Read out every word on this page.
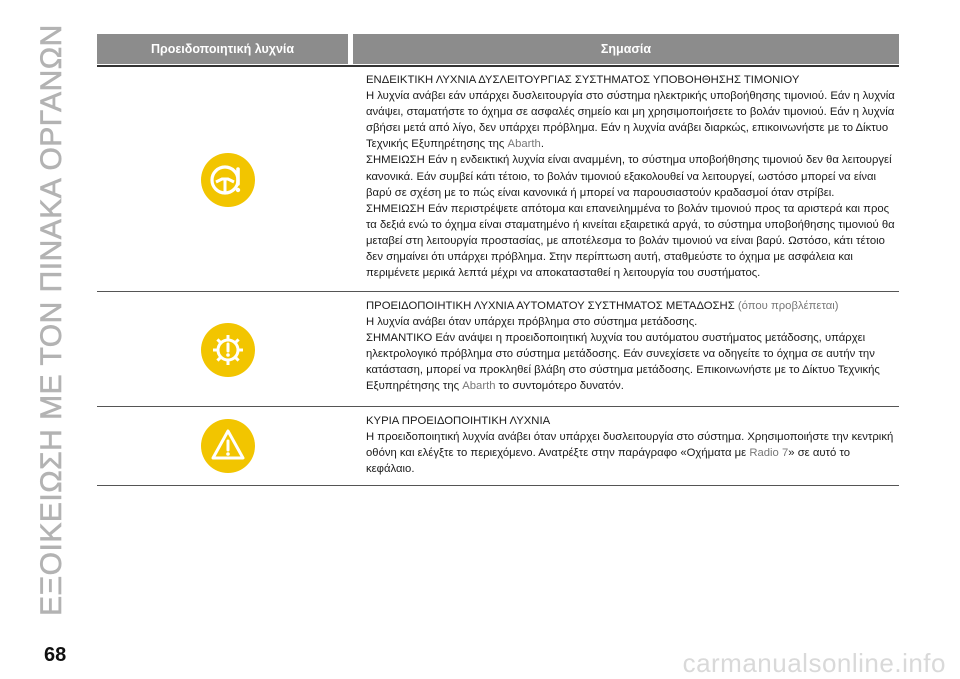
ΕΞΟΙΚΕΙΩΣΗ ΜΕ ΤΟΝ ΠΙΝΑΚΑ ΟΡΓΑΝΩΝ	Προειδοποιητική λυχνία	Σημασία

ΕΝΔΕΙΚΤΙΚΗ ΛΥΧΝΙΑ ΔΥΣΛΕΙΤΟΥΡΓΙΑΣ ΣΥΣΤΗΜΑΤΟΣ ΥΠΟΒΟΗΘΗΣΗΣ ΤΙΜΟΝΙΟΥ

Η λυχνία ανάβει εάν υπάρχει δυσλειτουργία στο σύστημα ηλεκτρικής υποβοήθησης τιμονιού. Εάν η λυχνία ανάψει, σταματήστε το όχημα σε ασφαλές σημείο και μη χρησιμοποιήσετε το βολάν τιμονιού. Εάν η λυχνία σβήσει μετά από λίγο, δεν υπάρχει πρόβλημα. Εάν η λυχνία ανάβει διαρκώς, επικοινωνήστε με το Δίκτυο Τεχνικής Εξυπηρέτησης της Abarth.

ΣΗΜΕΙΩΣΗ Εάν η ενδεικτική λυχνία είναι αναμμένη, το σύστημα υποβοήθησης τιμονιού δεν θα λειτουργεί κανονικά. Εάν συμβεί κάτι τέτοιο, το βολάν τιμονιού εξακολουθεί να λειτουργεί, ωστόσο μπορεί να είναι βαρύ σε σχέση με το πώς είναι κανονικά ή μπορεί να παρουσιαστούν κραδασμοί όταν στρίβει.

ΣΗΜΕΙΩΣΗ Εάν περιστρέψετε απότομα και επανειλημμένα το βολάν τιμονιού προς τα αριστερά και προς τα δεξιά ενώ το όχημα είναι σταματημένο ή κινείται εξαιρετικά αργά, το σύστημα υποβοήθησης τιμονιού θα μεταβεί στη λειτουργία προστασίας, με αποτέλεσμα το βολάν τιμονιού να είναι βαρύ. Ωστόσο, κάτι τέτοιο δεν σημαίνει ότι υπάρχει πρόβλημα. Στην περίπτωση αυτή, σταθμεύστε το όχημα με ασφάλεια και περιμένετε μερικά λεπτά μέχρι να αποκατασταθεί η λειτουργία του συστήματος.

ΠΡΟΕΙΔΟΠΟΙΗΤΙΚΗ ΛΥΧΝΙΑ ΑΥΤΟΜΑΤΟΥ ΣΥΣΤΗΜΑΤΟΣ ΜΕΤΑΔΟΣΗΣ (όπου προβλέπεται)

Η λυχνία ανάβει όταν υπάρχει πρόβλημα στο σύστημα μετάδοσης.

ΣΗΜΑΝΤΙΚΟ Εάν ανάψει η προειδοποιητική λυχνία του αυτόματου συστήματος μετάδοσης, υπάρχει ηλεκτρολογικό πρόβλημα στο σύστημα μετάδοσης. Εάν συνεχίσετε να οδηγείτε το όχημα σε αυτήν την κατάσταση, μπορεί να προκληθεί βλάβη στο σύστημα μετάδοσης. Επικοινωνήστε με το Δίκτυο Τεχνικής Εξυπηρέτησης της Abarth το συντομότερο δυνατόν.

ΚΥΡΙΑ ΠΡΟΕΙΔΟΠΟΙΗΤΙΚΗ ΛΥΧΝΙΑ

Η προειδοποιητική λυχνία ανάβει όταν υπάρχει δυσλειτουργία στο σύστημα. Χρησιμοποιήστε την κεντρική οθόνη και ελέγξτε το περιεχόμενο. Ανατρέξτε στην παράγραφο «Οχήματα με Radio 7» σε αυτό το κεφάλαιο.

68	carmanualsonline.info
